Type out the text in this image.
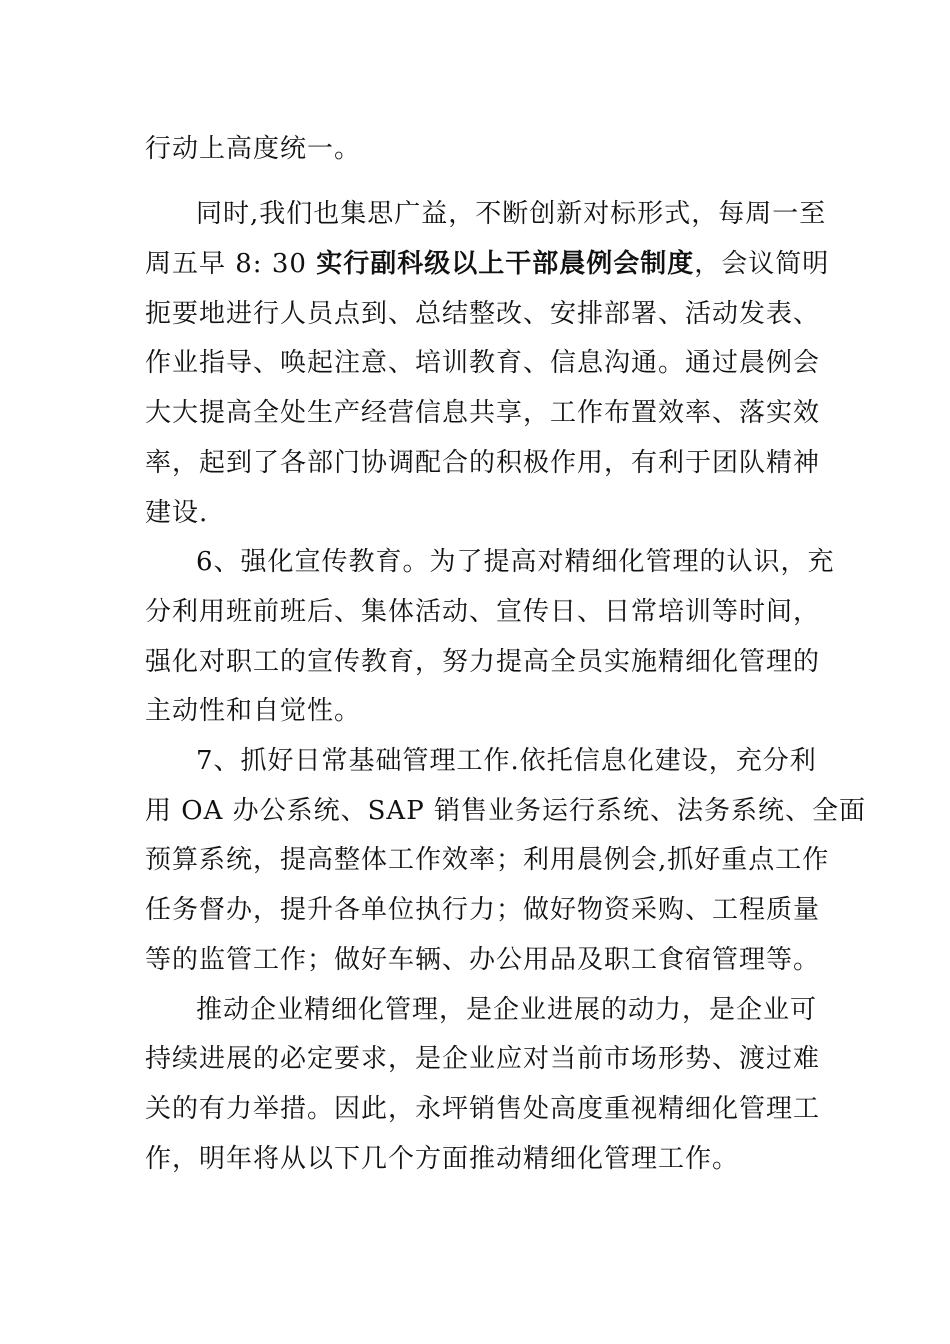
行动上高度统一。
同时,我们也集思广益，不断创新对标形式，每周一至
周五早 8: 30 实行副科级以上干部晨例会制度，会议简明
扼要地进行人员点到、总结整改、安排部署、活动发表、
作业指导、唤起注意、培训教育、信息沟通。通过晨例会
大大提高全处生产经营信息共享，工作布置效率、落实效
率，起到了各部门协调配合的积极作用，有利于团队精神
建设.
6、强化宣传教育。为了提高对精细化管理的认识，充
分利用班前班后、集体活动、宣传日、日常培训等时间，
强化对职工的宣传教育，努力提高全员实施精细化管理的
主动性和自觉性。
7、抓好日常基础管理工作.依托信息化建设，充分利
用 OA 办公系统、SAP 销售业务运行系统、法务系统、全面
预算系统，提高整体工作效率；利用晨例会,抓好重点工作
任务督办，提升各单位执行力；做好物资采购、工程质量
等的监管工作；做好车辆、办公用品及职工食宿管理等。
推动企业精细化管理，是企业进展的动力，是企业可
持续进展的必定要求，是企业应对当前市场形势、渡过难
关的有力举措。因此，永坪销售处高度重视精细化管理工
作，明年将从以下几个方面推动精细化管理工作。
